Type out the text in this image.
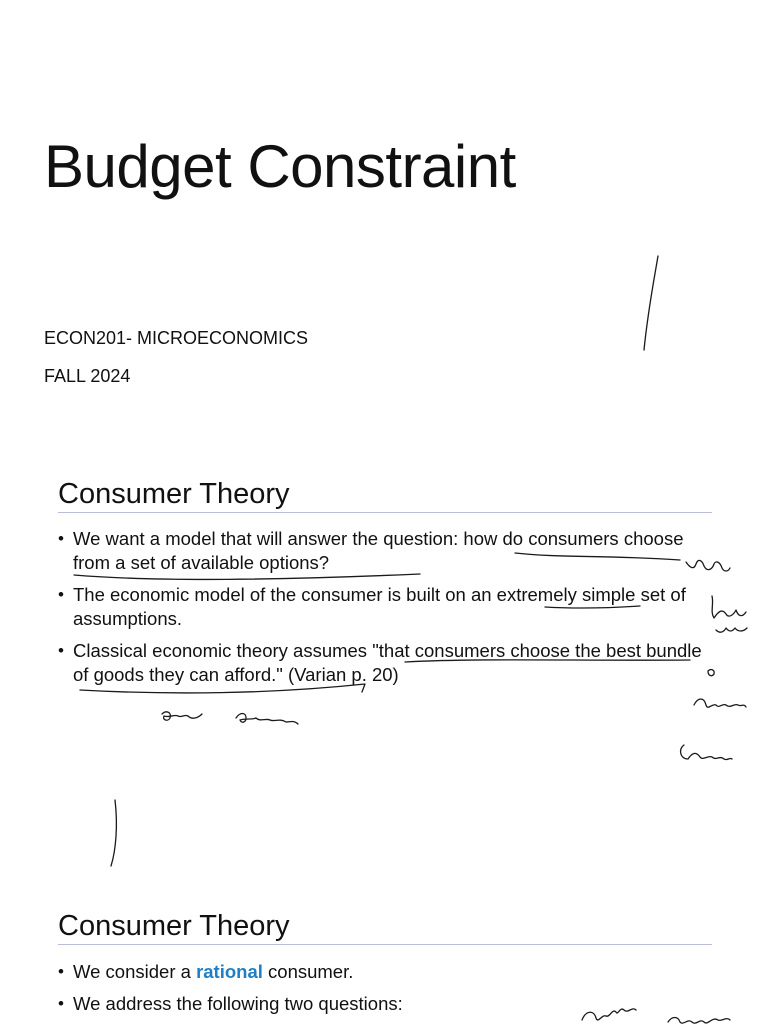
Budget Constraint
ECON201- MICROECONOMICS
FALL 2024
Consumer Theory
• We want a model that will answer the question: how do consumers choose from a set of available options?
• The economic model of the consumer is built on an extremely simple set of assumptions.
• Classical economic theory assumes "that consumers choose the best bundle of goods they can afford." (Varian p. 20)
Consumer Theory
• We consider a rational consumer.
• We address the following two questions:
